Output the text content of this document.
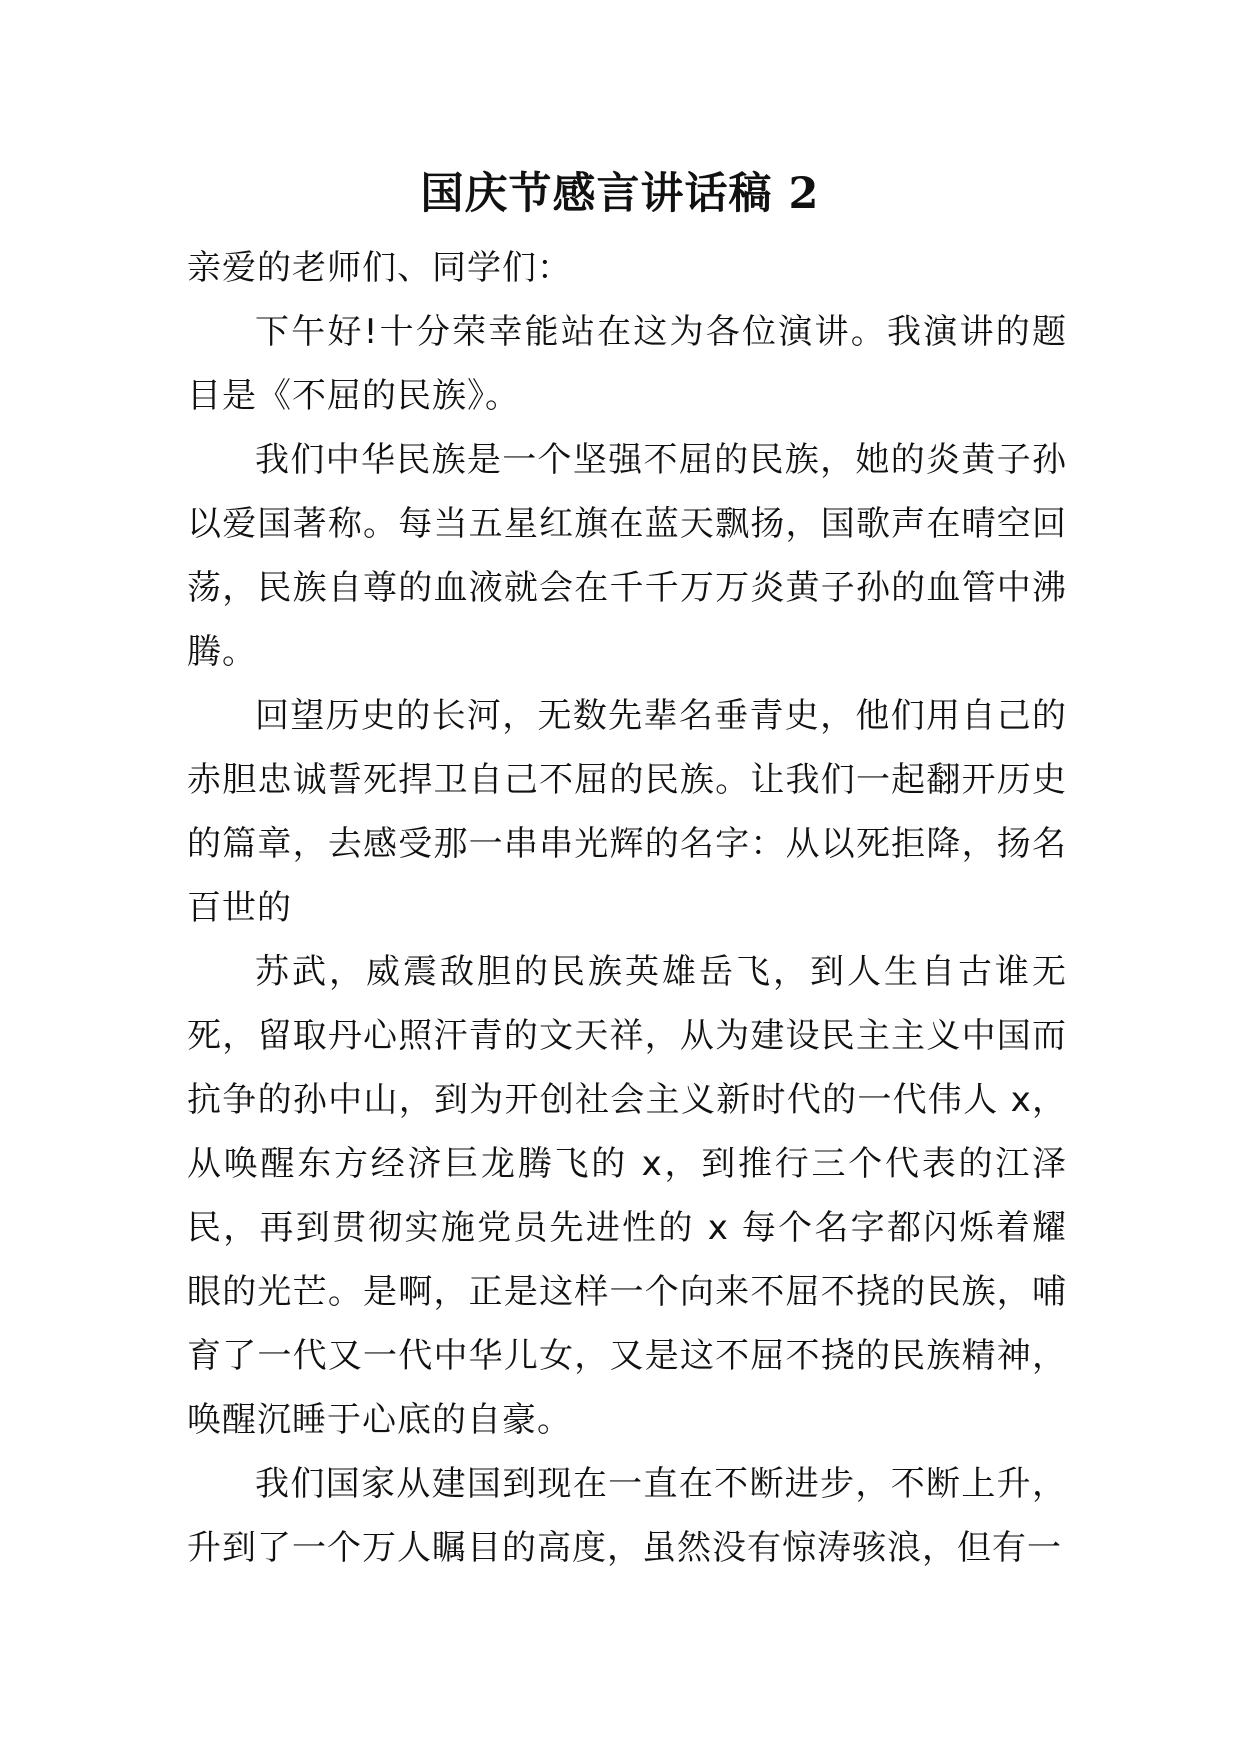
国庆节感言讲话稿 2

亲爱的老师们、同学们：

下午好!十分荣幸能站在这为各位演讲。我演讲的题目是《不屈的民族》。

我们中华民族是一个坚强不屈的民族，她的炎黄子孙以爱国著称。每当五星红旗在蓝天飘扬，国歌声在晴空回荡，民族自尊的血液就会在千千万万炎黄子孙的血管中沸腾。

回望历史的长河，无数先辈名垂青史，他们用自己的赤胆忠诚誓死捍卫自己不屈的民族。让我们一起翻开历史的篇章，去感受那一串串光辉的名字：从以死拒降，扬名百世的

苏武，威震敌胆的民族英雄岳飞，到人生自古谁无死，留取丹心照汗青的文天祥，从为建设民主主义中国而抗争的孙中山，到为开创社会主义新时代的一代伟人 x，从唤醒东方经济巨龙腾飞的 x，到推行三个代表的江泽民，再到贯彻实施党员先进性的 x 每个名字都闪烁着耀眼的光芒。是啊，正是这样一个向来不屈不挠的民族，哺育了一代又一代中华儿女，又是这不屈不挠的民族精神，唤醒沉睡于心底的自豪。

我们国家从建国到现在一直在不断进步，不断上升，升到了一个万人瞩目的高度，虽然没有惊涛骇浪，但有一
